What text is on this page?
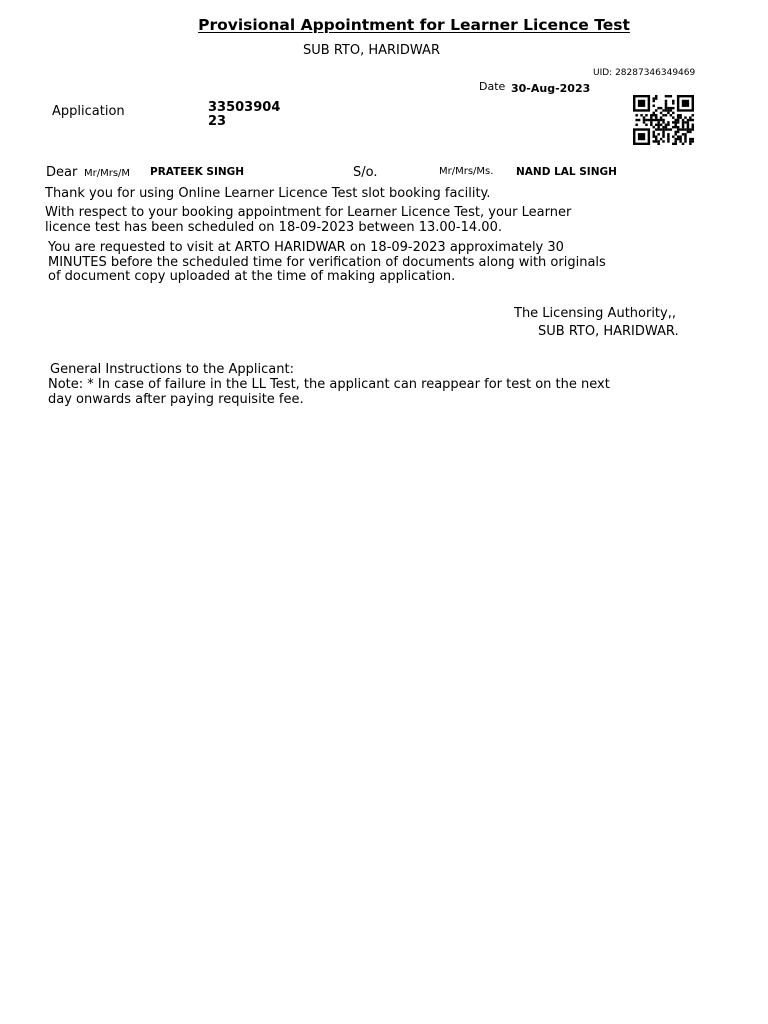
Provisional Appointment for Learner Licence Test
SUB RTO, HARIDWAR
UID: 28287346349469
Date 30-Aug-2023
Application	33503904
23
Dear Mr/Mrs/M PRATEEK SINGH	S/o.	Mr/Mrs/Ms. NAND LAL SINGH
Thank you for using Online Learner Licence Test slot booking facility.
With respect to your booking appointment for Learner Licence Test, your Learner
licence test has been scheduled on 18-09-2023 between 13.00-14.00.
You are requested to visit at ARTO HARIDWAR on 18-09-2023 approximately 30
MINUTES before the scheduled time for verification of documents along with originals
of document copy uploaded at the time of making application.
The Licensing Authority,,
SUB RTO, HARIDWAR.
General Instructions to the Applicant:
Note: * In case of failure in the LL Test, the applicant can reappear for test on the next
day onwards after paying requisite fee.
